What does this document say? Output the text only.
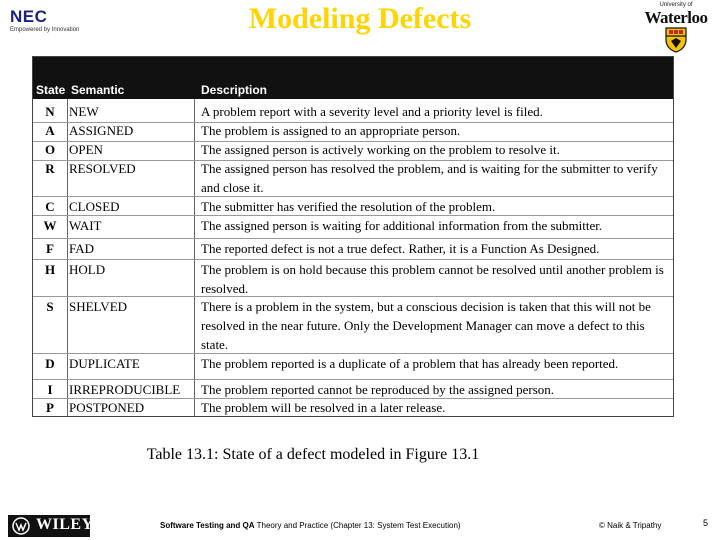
NEC
Empowered by Innovation	Modeling Defects	University of
Waterloo
State Semantic	Description
N	NEW	A problem report with a severity level and a priority level is filed.
A	ASSIGNED	The problem is assigned to an appropriate person.
O	OPEN	The assigned person is actively working on the problem to resolve it.
R	RESOLVED	The assigned person has resolved the problem, and is waiting for the submitter to verify and close it.
C	CLOSED	The submitter has verified the resolution of the problem.
W WAIT	The assigned person is waiting for additional information from the submitter.
F	FAD	The reported defect is not a true defect. Rather, it is a Function As Designed.
H	HOLD	The problem is on hold because this problem cannot be resolved until another problem is resolved.
S	SHELVED	There is a problem in the system, but a conscious decision is taken that this will not be resolved in the near future. Only the Development Manager can move a defect to this state.
D	DUPLICATE	The problem reported is a duplicate of a problem that has already been reported.
I	IRREPRODUCIBLE	The problem reported cannot be reproduced by the assigned person.
P	POSTPONED	The problem will be resolved in a later release.
Table 13.1: State of a defect modeled in Figure 13.1
WILEY	Software Testing and QA Theory and Practice (Chapter 13: System Test Execution)	© Naik & Tripathy	5
